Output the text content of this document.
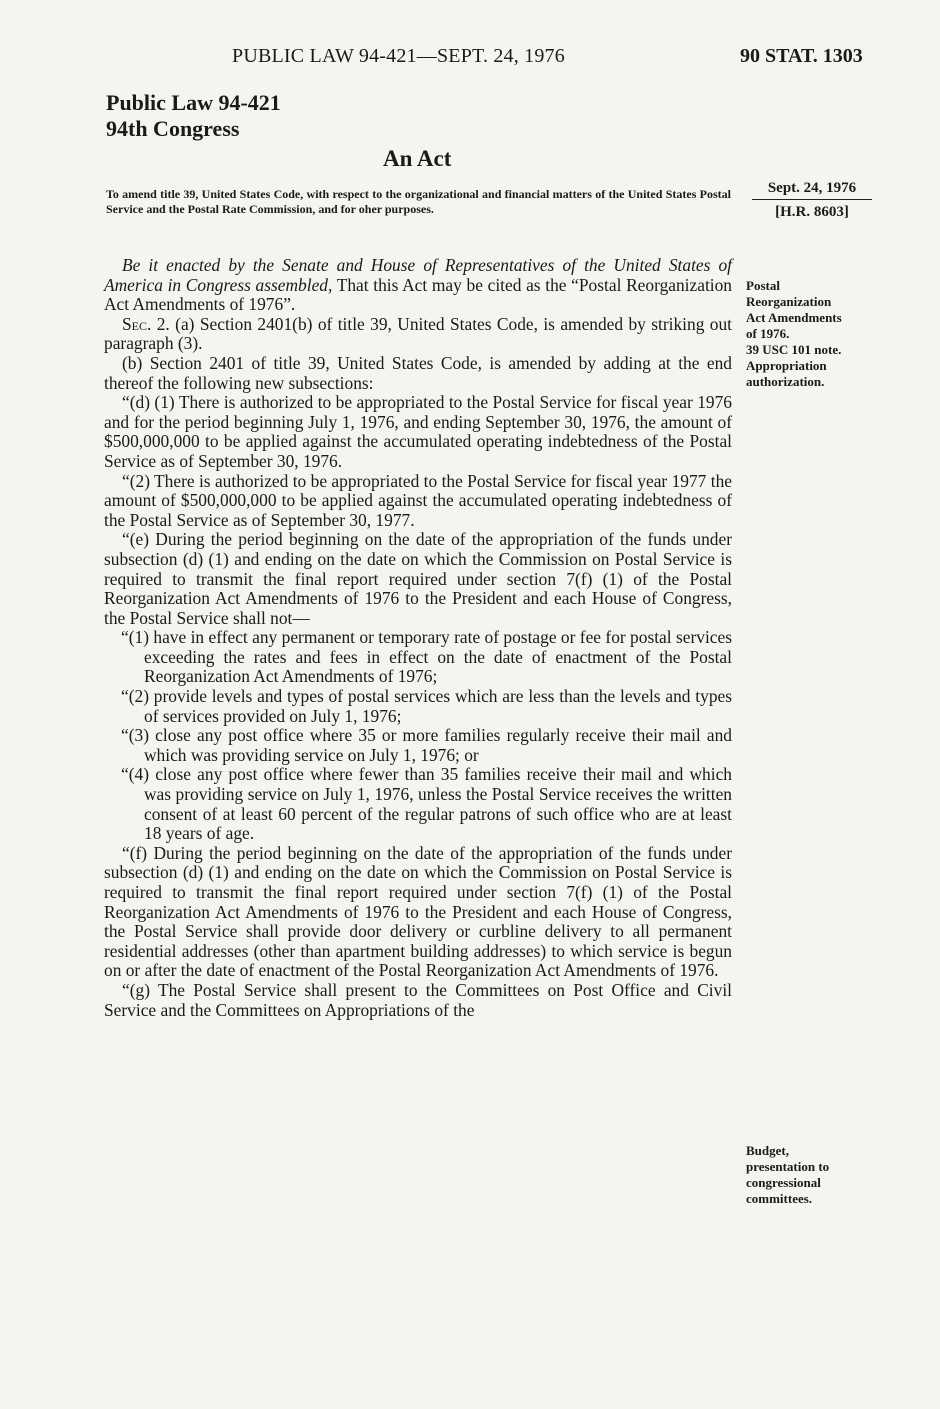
PUBLIC LAW 94-421—SEPT. 24, 1976	90 STAT. 1303
Public Law 94-421
94th Congress
An Act
To amend title 39, United States Code, with respect to the organizational and financial matters of the United States Postal Service and the Postal Rate Commission, and for oher purposes.
Sept. 24, 1976
[H.R. 8603]
Postal
Reorganization
Act Amendments
of 1976.
39 USC 101 note.
Appropriation
authorization.
Budget,
presentation to
congressional
committees.

Be it enacted by the Senate and House of Representatives of the United States of America in Congress assembled, That this Act may be cited as the “Postal Reorganization Act Amendments of 1976”.

Sec. 2. (a) Section 2401(b) of title 39, United States Code, is amended by striking out paragraph (3).

(b) Section 2401 of title 39, United States Code, is amended by adding at the end thereof the following new subsections:

“(d) (1) There is authorized to be appropriated to the Postal Service for fiscal year 1976 and for the period beginning July 1, 1976, and ending September 30, 1976, the amount of $500,000,000 to be applied against the accumulated operating indebtedness of the Postal Service as of September 30, 1976.

“(2) There is authorized to be appropriated to the Postal Service for fiscal year 1977 the amount of $500,000,000 to be applied against the accumulated operating indebtedness of the Postal Service as of September 30, 1977.

“(e) During the period beginning on the date of the appropriation of the funds under subsection (d) (1) and ending on the date on which the Commission on Postal Service is required to transmit the final report required under section 7(f) (1) of the Postal Reorganization Act Amendments of 1976 to the President and each House of Congress, the Postal Service shall not—

“(1) have in effect any permanent or temporary rate of postage or fee for postal services exceeding the rates and fees in effect on the date of enactment of the Postal Reorganization Act Amendments of 1976;

“(2) provide levels and types of postal services which are less than the levels and types of services provided on July 1, 1976;

“(3) close any post office where 35 or more families regularly receive their mail and which was providing service on July 1, 1976; or

“(4) close any post office where fewer than 35 families receive their mail and which was providing service on July 1, 1976, unless the Postal Service receives the written consent of at least 60 percent of the regular patrons of such office who are at least 18 years of age.

“(f) During the period beginning on the date of the appropriation of the funds under subsection (d) (1) and ending on the date on which the Commission on Postal Service is required to transmit the final report required under section 7(f) (1) of the Postal Reorganization Act Amendments of 1976 to the President and each House of Congress, the Postal Service shall provide door delivery or curbline delivery to all permanent residential addresses (other than apartment building addresses) to which service is begun on or after the date of enactment of the Postal Reorganization Act Amendments of 1976.

“(g) The Postal Service shall present to the Committees on Post Office and Civil Service and the Committees on Appropriations of the
